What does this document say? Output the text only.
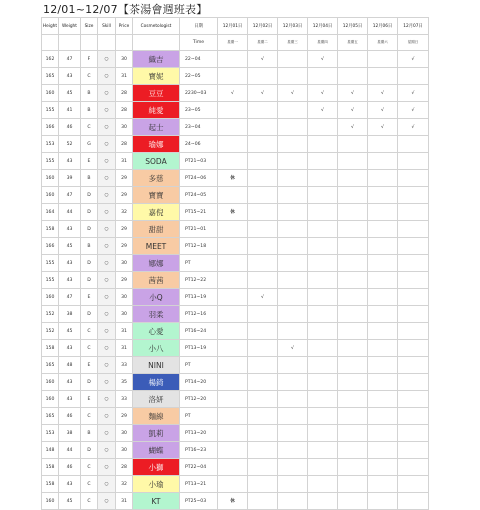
12/01~12/07【茶湯會週班表】
Height	Weight	Size	Skill	Price	Cosmetologist	日期	12月01日	12月02日	12月03日	12月04日	12月05日	12月06日	12月07日
						Time	星期一	星期二	星期三	星期四	星期五	星期六	星期日
162	47	F	○	30	織吉	22~04		√		√			√
165	43	C	○	31	寶妮	22~05							
160	45	B	○	28	豆豆	2230~03	√	√	√	√	√	√	√
155	41	B	○	28	純愛	23~05				√	√	√	√
166	46	C	○	30	起士	23~04					√	√	√
153	52	G	○	28	瑜娜	24~06							
155	43	E	○	31	SODA	PT21~03							
160	39	B	○	29	多慈	PT24~06	休						
160	47	D	○	29	寶寶	PT24~05							
164	44	D	○	32	嘉倪	PT15~21	休						
158	43	D	○	29	甜甜	PT21~01							
166	45	B	○	29	MEET	PT12~18							
155	43	D	○	30	娜娜	PT							
155	43	D	○	29	茜茜	PT12~22							
160	47	E	○	30	小Q	PT13~19		√					
152	38	D	○	30	羽柔	PT12~16							
152	45	C	○	31	心愛	PT16~24							
158	43	C	○	31	小八	PT13~19			√				
165	48	E	○	33	NINI	PT							
160	43	D	○	35	楊錡	PT14~20							
160	43	E	○	33	洛妍	PT12~20							
165	46	C	○	29	麵線	PT							
153	38	B	○	30	凱莉	PT13~20							
148	44	D	○	30	蝴蝶	PT16~23							
158	46	C	○	28	小獅	PT22~04							
158	43	C	○	32	小瑜	PT13~21							
160	45	C	○	31	KT	PT25~03	休						
